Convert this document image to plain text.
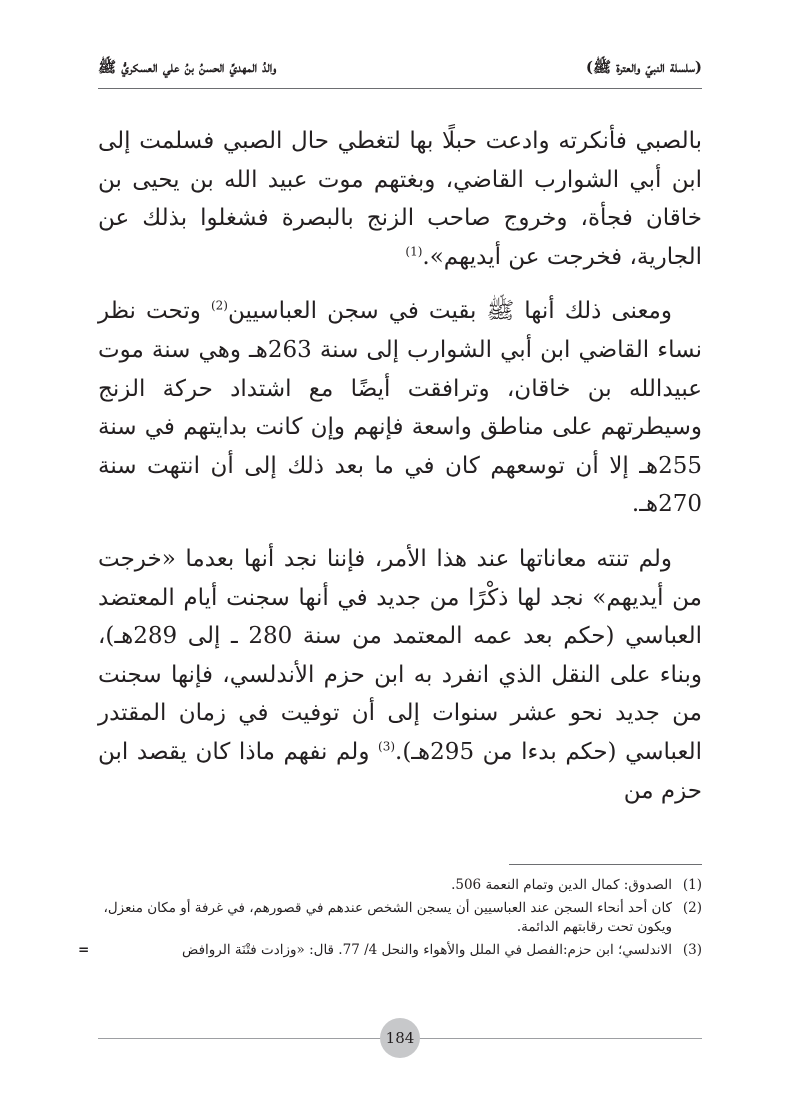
(سلسلة النبيّ والعترة ﷺ)
والدُ المهديِّ الحسنُ بنُ علي العسكريُّ ﷺ

بالصبي فأنكرته وادعت حبلًا بها لتغطي حال الصبي فسلمت إلى ابن أبي الشوارب القاضي، وبغتهم موت عبيد الله بن يحيى بن خاقان فجأة، وخروج صاحب الزنج بالبصرة فشغلوا بذلك عن الجارية، فخرجت عن أيديهم».$^{(1)}$

ومعنى ذلك أنها ﷺ بقيت في سجن العباسيين$^{(2)}$ وتحت نظر نساء القاضي ابن أبي الشوارب إلى سنة 263هـ وهي سنة موت عبيدالله بن خاقان، وترافقت أيضًا مع اشتداد حركة الزنج وسيطرتهم على مناطق واسعة فإنهم وإن كانت بدايتهم في سنة 255هـ إلا أن توسعهم كان في ما بعد ذلك إلى أن انتهت سنة 270هـ.

ولم تنته معاناتها عند هذا الأمر، فإننا نجد أنها بعدما «خرجت من أيديهم» نجد لها ذكْرًا من جديد في أنها سجنت أيام المعتضد العباسي (حكم بعد عمه المعتمد من سنة 280 ـ إلى 289هـ)، وبناء على النقل الذي انفرد به ابن حزم الأندلسي، فإنها سجنت من جديد نحو عشر سنوات إلى أن توفيت في زمان المقتدر العباسي (حكم بدءا من 295هـ).$^{(3)}$ ولم نفهم ماذا كان يقصد ابن حزم من

(1)
الصدوق: كمال الدين وتمام النعمة 506.
(2)
كان أحد أنحاء السجن عند العباسيين أن يسجن الشخص عندهم في قصورهم، في غرفة أو مكان منعزل، ويكون تحت رقابتهم الدائمة.
(3)
الاندلسي؛ ابن حزم:الفصل في الملل والأهواء والنحل 4/ 77. قال: «وزادت فتْنَة الروافض
=
184
